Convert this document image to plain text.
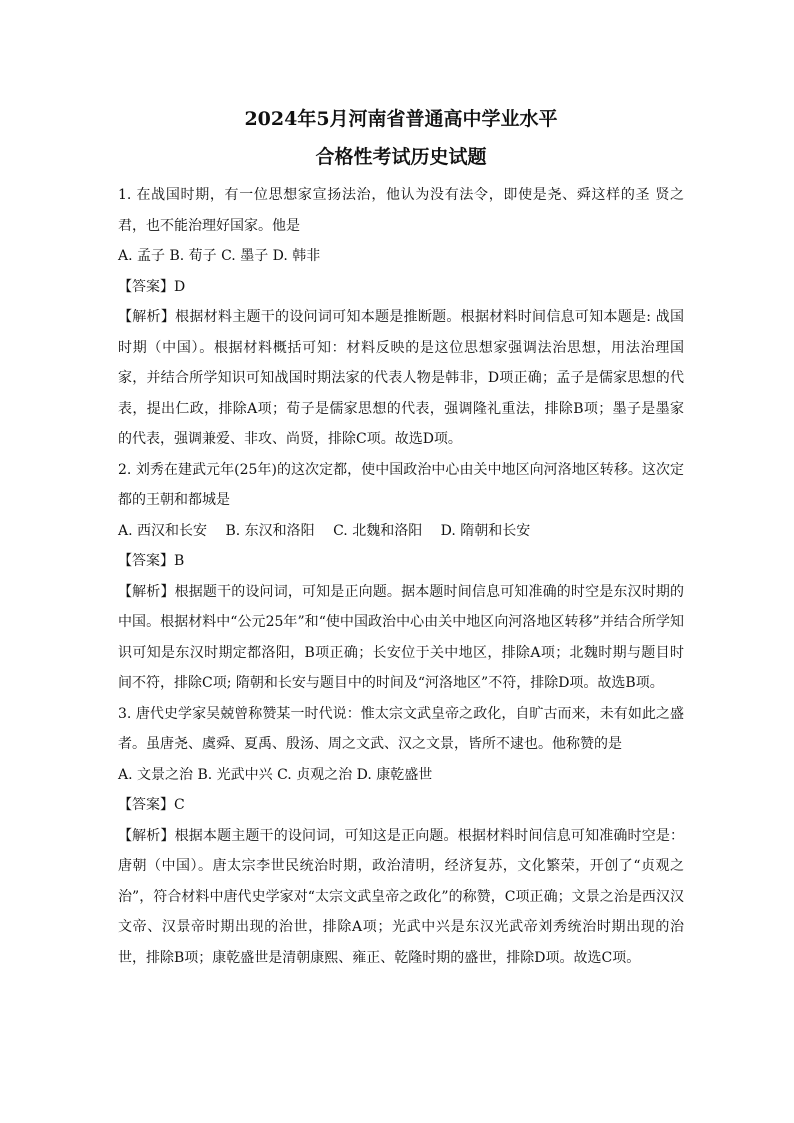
2024年5月河南省普通高中学业水平
合格性考试历史试题

1. 在战国时期，有一位思想家宣扬法治，他认为没有法令，即使是尧、舜这样的圣 贤之君，也不能治理好国家。他是

A. 孟子 B. 荀子 C. 墨子 D. 韩非

【答案】D

【解析】根据材料主题干的设问词可知本题是推断题。根据材料时间信息可知本题是: 战国时期（中国）。根据材料概括可知：材料反映的是这位思想家强调法治思想，用法治理国家，并结合所学知识可知战国时期法家的代表人物是韩非，D项正确；孟子是儒家思想的代表，提出仁政，排除A项；荀子是儒家思想的代表，强调隆礼重法，排除B项；墨子是墨家的代表，强调兼爱、非攻、尚贤，排除C项。故选D项。

2. 刘秀在建武元年(25年)的这次定都，使中国政治中心由关中地区向河洛地区转移。这次定都的王朝和都城是

A. 西汉和长安　 B. 东汉和洛阳　 C. 北魏和洛阳　 D. 隋朝和长安

【答案】B

【解析】根据题干的设问词，可知是正向题。据本题时间信息可知准确的时空是东汉时期的中国。根据材料中“公元25年”和“使中国政治中心由关中地区向河洛地区转移”并结合所学知识可知是东汉时期定都洛阳，B项正确；长安位于关中地区，排除A项；北魏时期与题目时间不符，排除C项; 隋朝和长安与题目中的时间及“河洛地区”不符，排除D项。故选B项。

3. 唐代史学家吴兢曾称赞某一时代说：惟太宗文武皇帝之政化，自旷古而来，未有如此之盛者。虽唐尧、虞舜、夏禹、殷汤、周之文武、汉之文景，皆所不逮也。他称赞的是

A. 文景之治 B. 光武中兴 C. 贞观之治 D. 康乾盛世

【答案】C

【解析】根据本题主题干的设问词，可知这是正向题。根据材料时间信息可知准确时空是：唐朝（中国）。唐太宗李世民统治时期，政治清明，经济复苏，文化繁荣，开创了“贞观之治”，符合材料中唐代史学家对“太宗文武皇帝之政化”的称赞，C项正确；文景之治是西汉汉文帝、汉景帝时期出现的治世，排除A项；光武中兴是东汉光武帝刘秀统治时期出现的治世，排除B项；康乾盛世是清朝康熙、雍正、乾隆时期的盛世，排除D项。故选C项。
